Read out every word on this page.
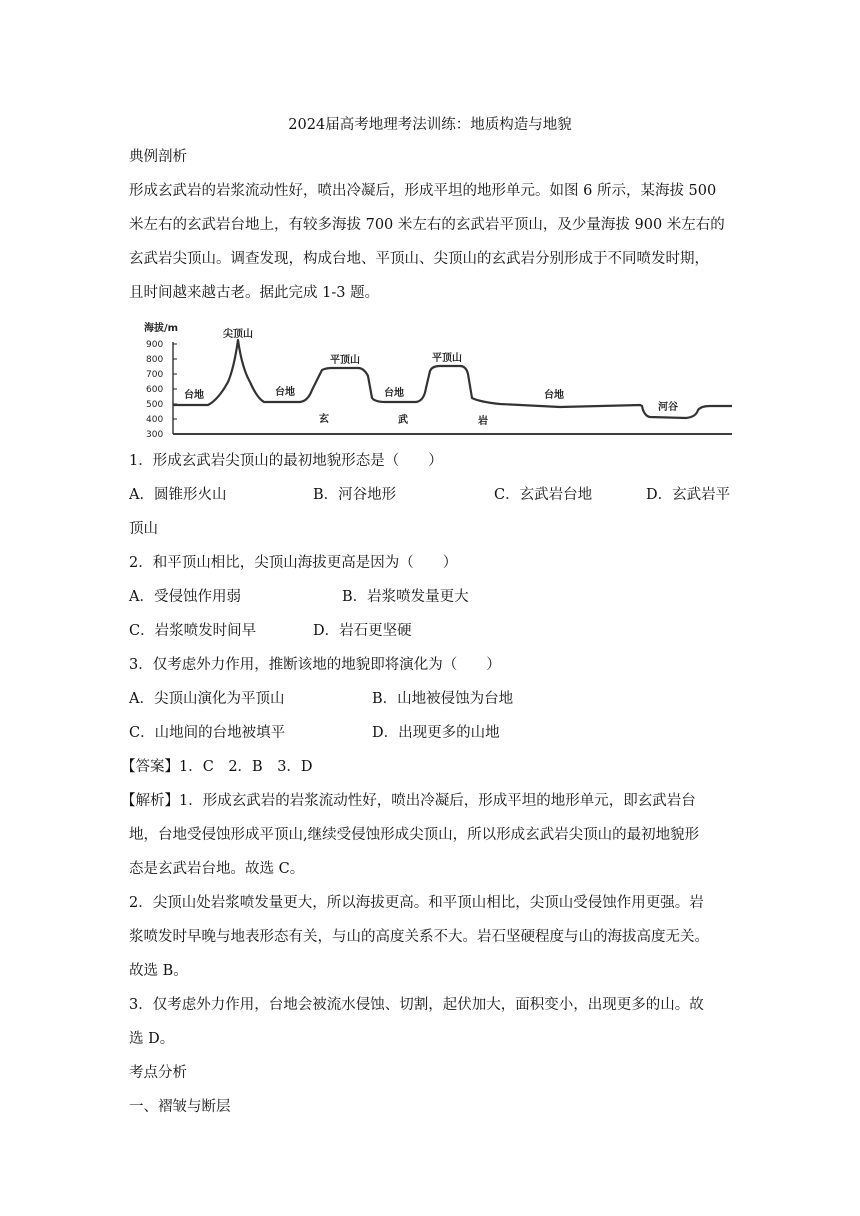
2024届高考地理考法训练：地质构造与地貌
典例剖析
形成玄武岩的岩浆流动性好，喷出冷凝后，形成平坦的地形单元。如图 6 所示，某海拔 500
米左右的玄武岩台地上，有较多海拔 700 米左右的玄武岩平顶山，及少量海拔 900 米左右的
玄武岩尖顶山。调查发现，构成台地、平顶山、尖顶山的玄武岩分别形成于不同喷发时期，
且时间越来越古老。据此完成 1-3 题。
海拔/m
900
800
700
600
500
400
300
尖顶山
平顶山	平顶山
台地	台地	台地	台地
河谷
玄	武	岩
1．形成玄武岩尖顶山的最初地貌形态是（　　）
A．圆锥形火山	B．河谷地形	C．玄武岩台地	D．玄武岩平
顶山
2．和平顶山相比，尖顶山海拔更高是因为（　　）
A．受侵蚀作用弱	B．岩浆喷发量更大
C．岩浆喷发时间早	D．岩石更坚硬
3．仅考虑外力作用，推断该地的地貌即将演化为（　　）
A．尖顶山演化为平顶山	B．山地被侵蚀为台地
C．山地间的台地被填平	D．出现更多的山地
【答案】1．C　2．B　3．D
【解析】1．形成玄武岩的岩浆流动性好，喷出冷凝后，形成平坦的地形单元，即玄武岩台
地，台地受侵蚀形成平顶山,继续受侵蚀形成尖顶山，所以形成玄武岩尖顶山的最初地貌形
态是玄武岩台地。故选 C。
2．尖顶山处岩浆喷发量更大，所以海拔更高。和平顶山相比，尖顶山受侵蚀作用更强。岩
浆喷发时早晚与地表形态有关，与山的高度关系不大。岩石坚硬程度与山的海拔高度无关。
故选 B。
3．仅考虑外力作用，台地会被流水侵蚀、切割，起伏加大，面积变小，出现更多的山。故
选 D。
考点分析
一、褶皱与断层
